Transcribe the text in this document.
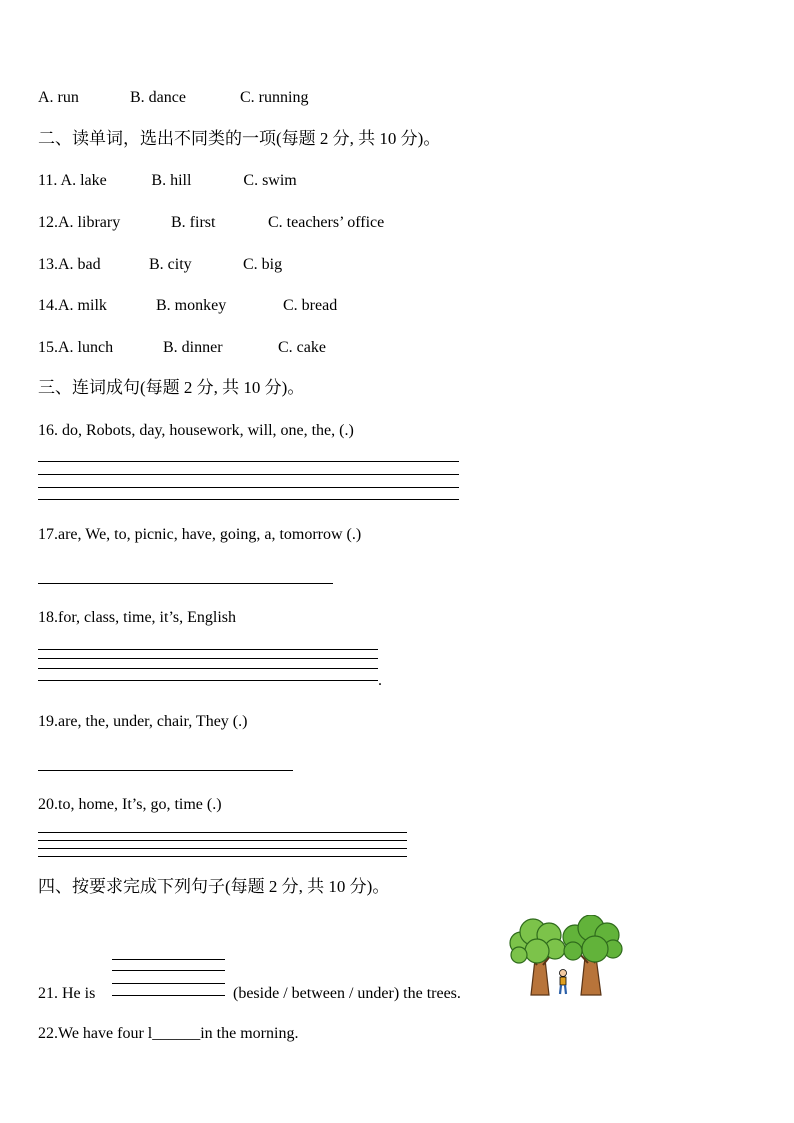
A. run	B. dance	C. running
二、读单词，选出不同类的一项(每题 2 分, 共 10 分)。
11. A. lake	B. hill	C. swim
12.A. library	B. first	C. teachers’ office
13.A. bad	B. city	C. big
14.A. milk	B. monkey	C. bread
15.A. lunch	B. dinner	C. cake
三、连词成句(每题 2 分, 共 10 分)。
16. do, Robots, day, housework, will, one, the, (.)
17.are, We, to, picnic, have, going, a, tomorrow (.)
18.for, class, time, it’s, English
.
19.are, the, under, chair, They (.)
20.to, home, It’s, go, time (.)
四、按要求完成下列句子(每题 2 分, 共 10 分)。
21. He is	(beside / between / under) the trees.
22.We have four l______in the morning.
